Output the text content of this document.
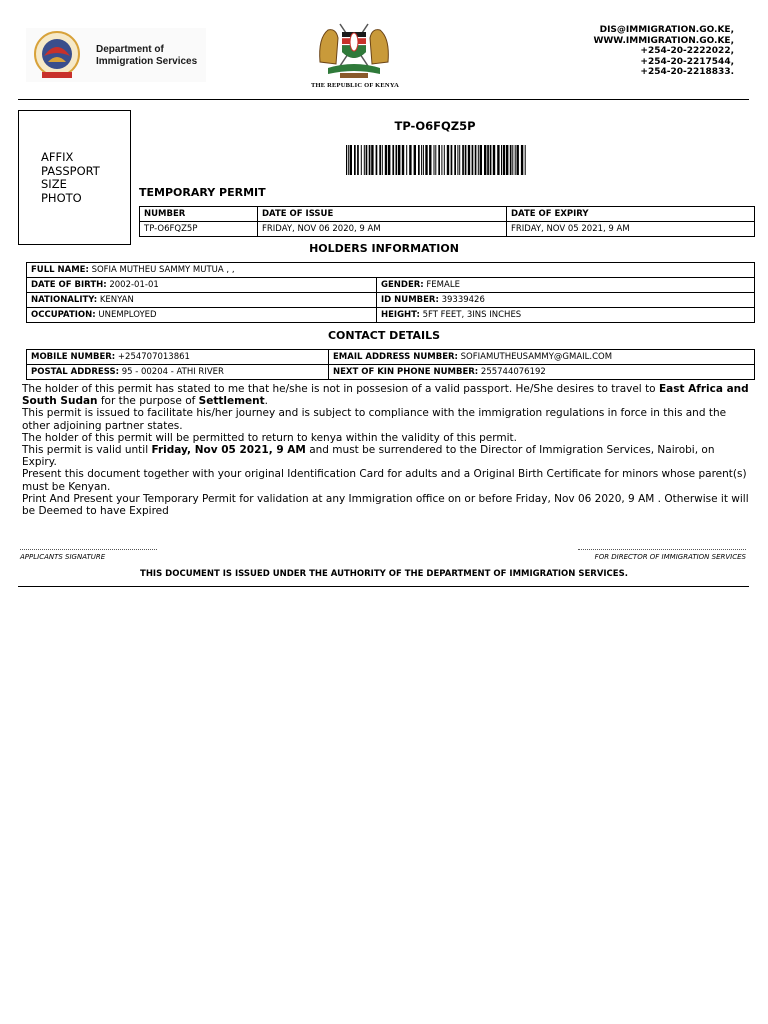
Department of
Immigration Services
THE REPUBLIC OF KENYA
DIS@IMMIGRATION.GO.KE,
WWW.IMMIGRATION.GO.KE,
+254-20-2222022,
+254-20-2217544,
+254-20-2218833.
AFFIX
PASSPORT
SIZE
PHOTO
TP-O6FQZ5P
TEMPORARY PERMIT
NUMBER	DATE OF ISSUE	DATE OF EXPIRY
TP-O6FQZ5P	FRIDAY, NOV 06 2020, 9 AM	FRIDAY, NOV 05 2021, 9 AM
HOLDERS INFORMATION
FULL NAME: SOFIA MUTHEU SAMMY MUTUA , ,	
DATE OF BIRTH: 2002-01-01	GENDER: FEMALE
NATIONALITY: KENYAN	ID NUMBER: 39339426
OCCUPATION: UNEMPLOYED	HEIGHT: 5FT FEET, 3INS INCHES
CONTACT DETAILS
MOBILE NUMBER: +254707013861	EMAIL ADDRESS NUMBER: SOFIAMUTHEUSAMMY@GMAIL.COM
POSTAL ADDRESS: 95 - 00204 - ATHI RIVER	NEXT OF KIN PHONE NUMBER: 255744076192

The holder of this permit has stated to me that he/she is not in possesion of a valid passport. He/She desires to travel to East Africa and South Sudan for the purpose of Settlement.

This permit is issued to facilitate his/her journey and is subject to compliance with the immigration regulations in force in this and the other adjoining partner states.

The holder of this permit will be permitted to return to kenya within the validity of this permit.

This permit is valid until Friday, Nov 05 2021, 9 AM and must be surrendered to the Director of Immigration Services, Nairobi, on Expiry.

Present this document together with your original Identification Card for adults and a Original Birth Certificate for minors whose parent(s) must be Kenyan.

Print And Present your Temporary Permit for validation at any Immigration office on or before Friday, Nov 06 2020, 9 AM . Otherwise it will be Deemed to have Expired

APPLICANTS SIGNATURE	FOR DIRECTOR OF IMMIGRATION SERVICES
THIS DOCUMENT IS ISSUED UNDER THE AUTHORITY OF THE DEPARTMENT OF IMMIGRATION SERVICES.
